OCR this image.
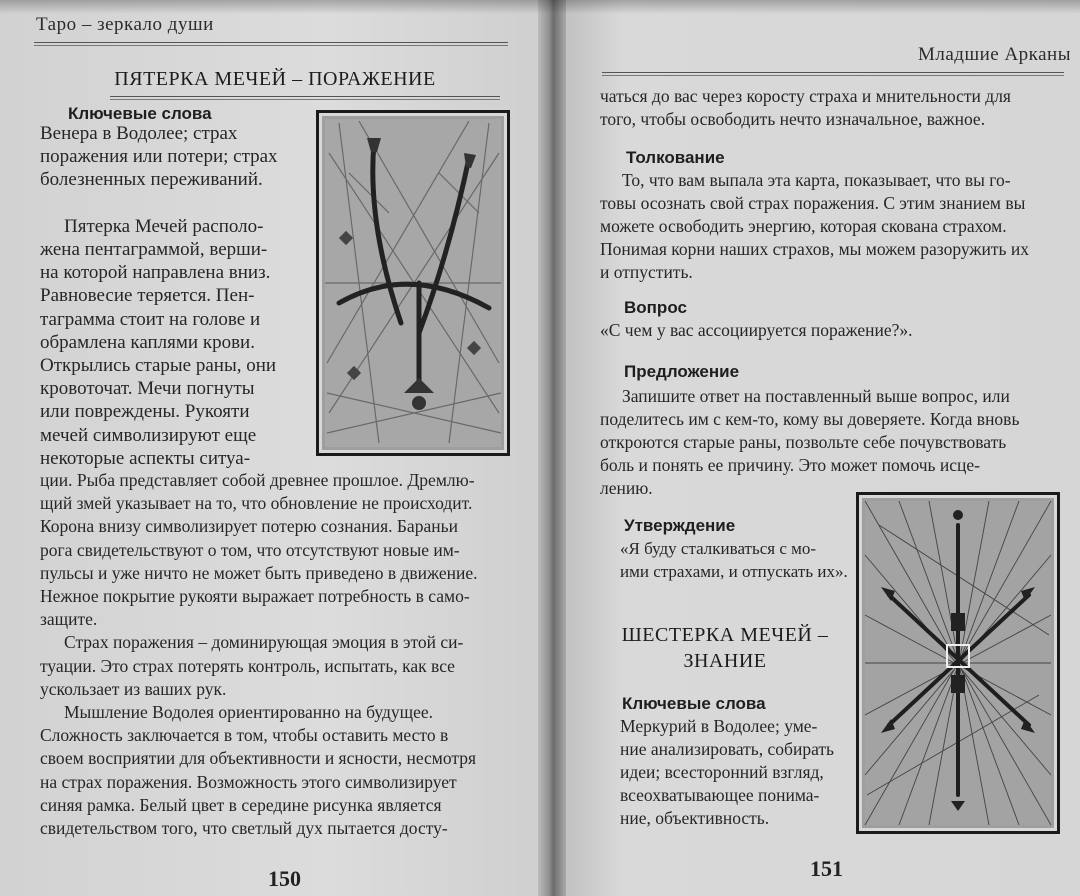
Таро – зеркало души
ПЯТЕРКА МЕЧЕЙ – ПОРАЖЕНИЕ
Ключевые слова
Венера в Водолее; страх
поражения или потери; страх
болезненных переживаний.
Пятерка Мечей располо-
жена пентаграммой, верши-
на которой направлена вниз.
Равновесие теряется. Пен-
таграмма стоит на голове и
обрамлена каплями крови.
Открылись старые раны, они
кровоточат. Мечи погнуты
или повреждены. Рукояти
мечей символизируют еще
некоторые аспекты ситуа-
ции. Рыба представляет собой древнее прошлое. Дремлю-
щий змей указывает на то, что обновление не происходит.
Корона внизу символизирует потерю сознания. Бараньи
рога свидетельствуют о том, что отсутствуют новые им-
пульсы и уже ничто не может быть приведено в движение.
Нежное покрытие рукояти выражает потребность в само-
защите.
Страх поражения – доминирующая эмоция в этой си-
туации. Это страх потерять контроль, испытать, как все
ускользает из ваших рук.
Мышление Водолея ориентированно на будущее.
Сложность заключается в том, чтобы оставить место в
своем восприятии для объективности и ясности, несмотря
на страх поражения. Возможность этого символизирует
синяя рамка. Белый цвет в середине рисунка является
свидетельством того, что светлый дух пытается досту-
150
Младшие Арканы
чаться до вас через коросту страха и мнительности для
того, чтобы освободить нечто изначальное, важное.
То, что вам выпала эта карта, показывает, что вы го-
товы осознать свой страх поражения. С этим знанием вы
можете освободить энергию, которая скована страхом.
Понимая корни наших страхов, мы можем разоружить их
и отпустить.
«С чем у вас ассоциируется поражение?».
Запишите ответ на поставленный выше вопрос, или
поделитесь им с кем-то, кому вы доверяете. Когда вновь
откроются старые раны, позвольте себе почувствовать
боль и понять ее причину. Это может помочь исце-
лению.
«Я буду сталкиваться с мо-
ими страхами, и отпускать их».
Меркурий в Водолее; уме-
ние анализировать, собирать
идеи; всесторонний взгляд,
всеохватывающее понима-
ние, объективность.
Толкование
Вопрос
Предложение
Утверждение
ШЕСТЕРКА МЕЧЕЙ –
ЗНАНИЕ
Ключевые слова
151
